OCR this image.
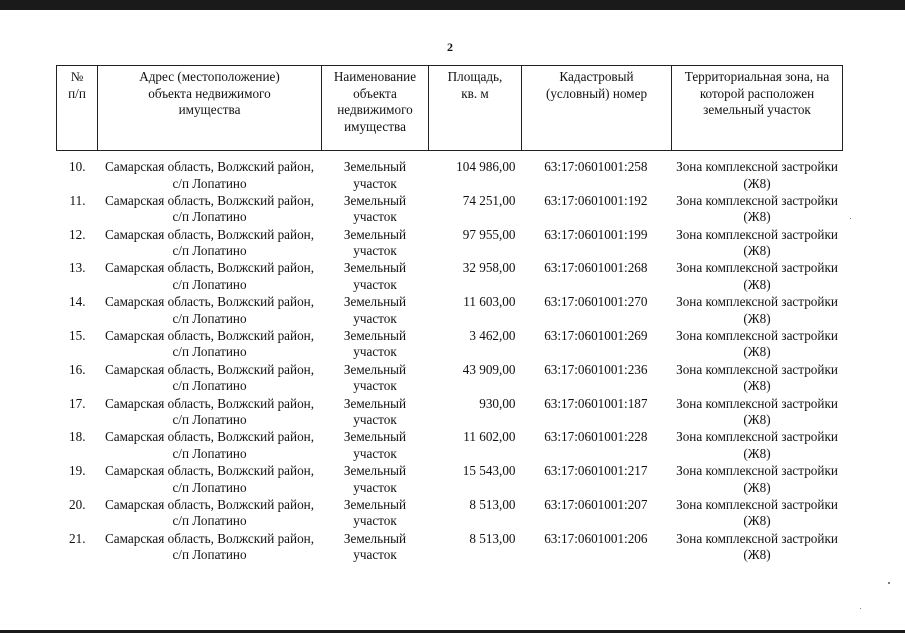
2
№ п/п	Адрес (местоположение) объекта недвижимого имущества	Наименование объекта недвижимого имущества	Площадь, кв. м	Кадастровый (условный) номер	Территориальная зона, на которой расположен земельный участок

10.	Самарская область, Волжский район, с/п Лопатино	Земельный участок	104 986,00	63:17:0601001:258	Зона комплексной застройки (Ж8)
11.	Самарская область, Волжский район, с/п Лопатино	Земельный участок	74 251,00	63:17:0601001:192	Зона комплексной застройки (Ж8)
12.	Самарская область, Волжский район, с/п Лопатино	Земельный участок	97 955,00	63:17:0601001:199	Зона комплексной застройки (Ж8)
13.	Самарская область, Волжский район, с/п Лопатино	Земельный участок	32 958,00	63:17:0601001:268	Зона комплексной застройки (Ж8)
14.	Самарская область, Волжский район, с/п Лопатино	Земельный участок	11 603,00	63:17:0601001:270	Зона комплексной застройки (Ж8)
15.	Самарская область, Волжский район, с/п Лопатино	Земельный участок	3 462,00	63:17:0601001:269	Зона комплексной застройки (Ж8)
16.	Самарская область, Волжский район, с/п Лопатино	Земельный участок	43 909,00	63:17:0601001:236	Зона комплексной застройки (Ж8)
17.	Самарская область, Волжский район, с/п Лопатино	Земельный участок	930,00	63:17:0601001:187	Зона комплексной застройки (Ж8)
18.	Самарская область, Волжский район, с/п Лопатино	Земельный участок	11 602,00	63:17:0601001:228	Зона комплексной застройки (Ж8)
19.	Самарская область, Волжский район, с/п Лопатино	Земельный участок	15 543,00	63:17:0601001:217	Зона комплексной застройки (Ж8)
20.	Самарская область, Волжский район, с/п Лопатино	Земельный участок	8 513,00	63:17:0601001:207	Зона комплексной застройки (Ж8)
21.	Самарская область, Волжский район, с/п Лопатино	Земельный участок	8 513,00	63:17:0601001:206	Зона комплексной застройки (Ж8)
